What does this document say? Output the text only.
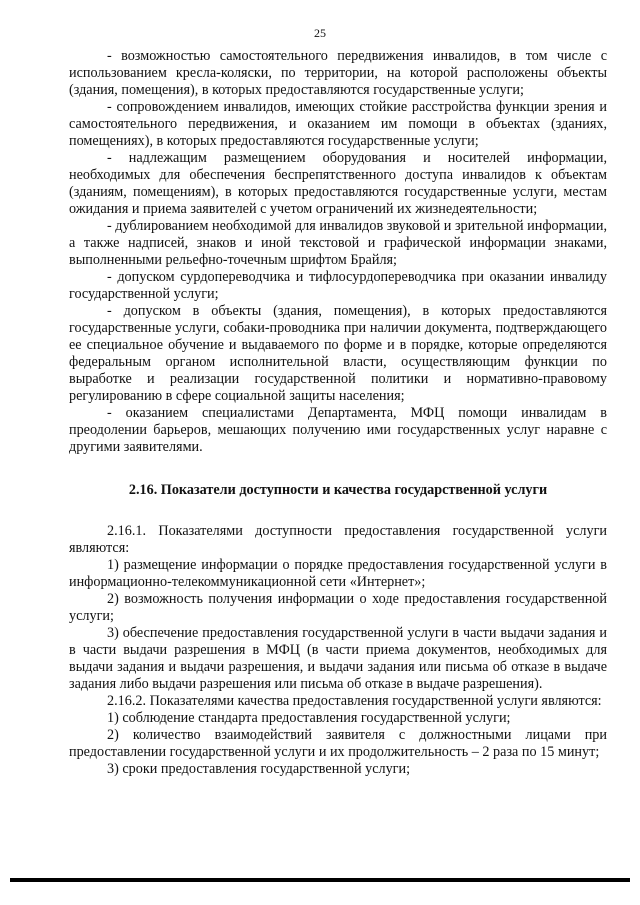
25

- возможностью самостоятельного передвижения инвалидов, в том числе с использованием кресла-коляски, по территории, на которой расположены объекты (здания, помещения), в которых предоставляются государственные услуги;

- сопровождением инвалидов, имеющих стойкие расстройства функции зрения и самостоятельного передвижения, и оказанием им помощи в объектах (зданиях, помещениях), в которых предоставляются государственные услуги;

- надлежащим размещением оборудования и носителей информации, необходимых для обеспечения беспрепятственного доступа инвалидов к объектам (зданиям, помещениям), в которых предоставляются государственные услуги, местам ожидания и приема заявителей с учетом ограничений их жизнедеятельности;

- дублированием необходимой для инвалидов звуковой и зрительной информации, а также надписей, знаков и иной текстовой и графической информации знаками, выполненными рельефно-точечным шрифтом Брайля;

- допуском сурдопереводчика и тифлосурдопереводчика при оказании инвалиду государственной услуги;

- допуском в объекты (здания, помещения), в которых предоставляются государственные услуги, собаки-проводника при наличии документа, подтверждающего ее специальное обучение и выдаваемого по форме и в порядке, которые определяются федеральным органом исполнительной власти, осуществляющим функции по выработке и реализации государственной политики и нормативно-правовому регулированию в сфере социальной защиты населения;

- оказанием специалистами Департамента, МФЦ помощи инвалидам в преодолении барьеров, мешающих получению ими государственных услуг наравне с другими заявителями.

2.16. Показатели доступности и качества государственной услуги

2.16.1. Показателями доступности предоставления государственной услуги являются:

1) размещение информации о порядке предоставления государственной услуги в информационно-телекоммуникационной сети «Интернет»;

2) возможность получения информации о ходе предоставления государственной услуги;

3) обеспечение предоставления государственной услуги в части выдачи задания и в части выдачи разрешения в МФЦ (в части приема документов, необходимых для выдачи задания и выдачи разрешения, и выдачи задания или письма об отказе в выдаче задания либо выдачи разрешения или письма об отказе в выдаче разрешения).

2.16.2. Показателями качества предоставления государственной услуги являются:

1) соблюдение стандарта предоставления государственной услуги;

2) количество взаимодействий заявителя с должностными лицами при предоставлении государственной услуги и их продолжительность – 2 раза по 15 минут;

3) сроки предоставления государственной услуги;
